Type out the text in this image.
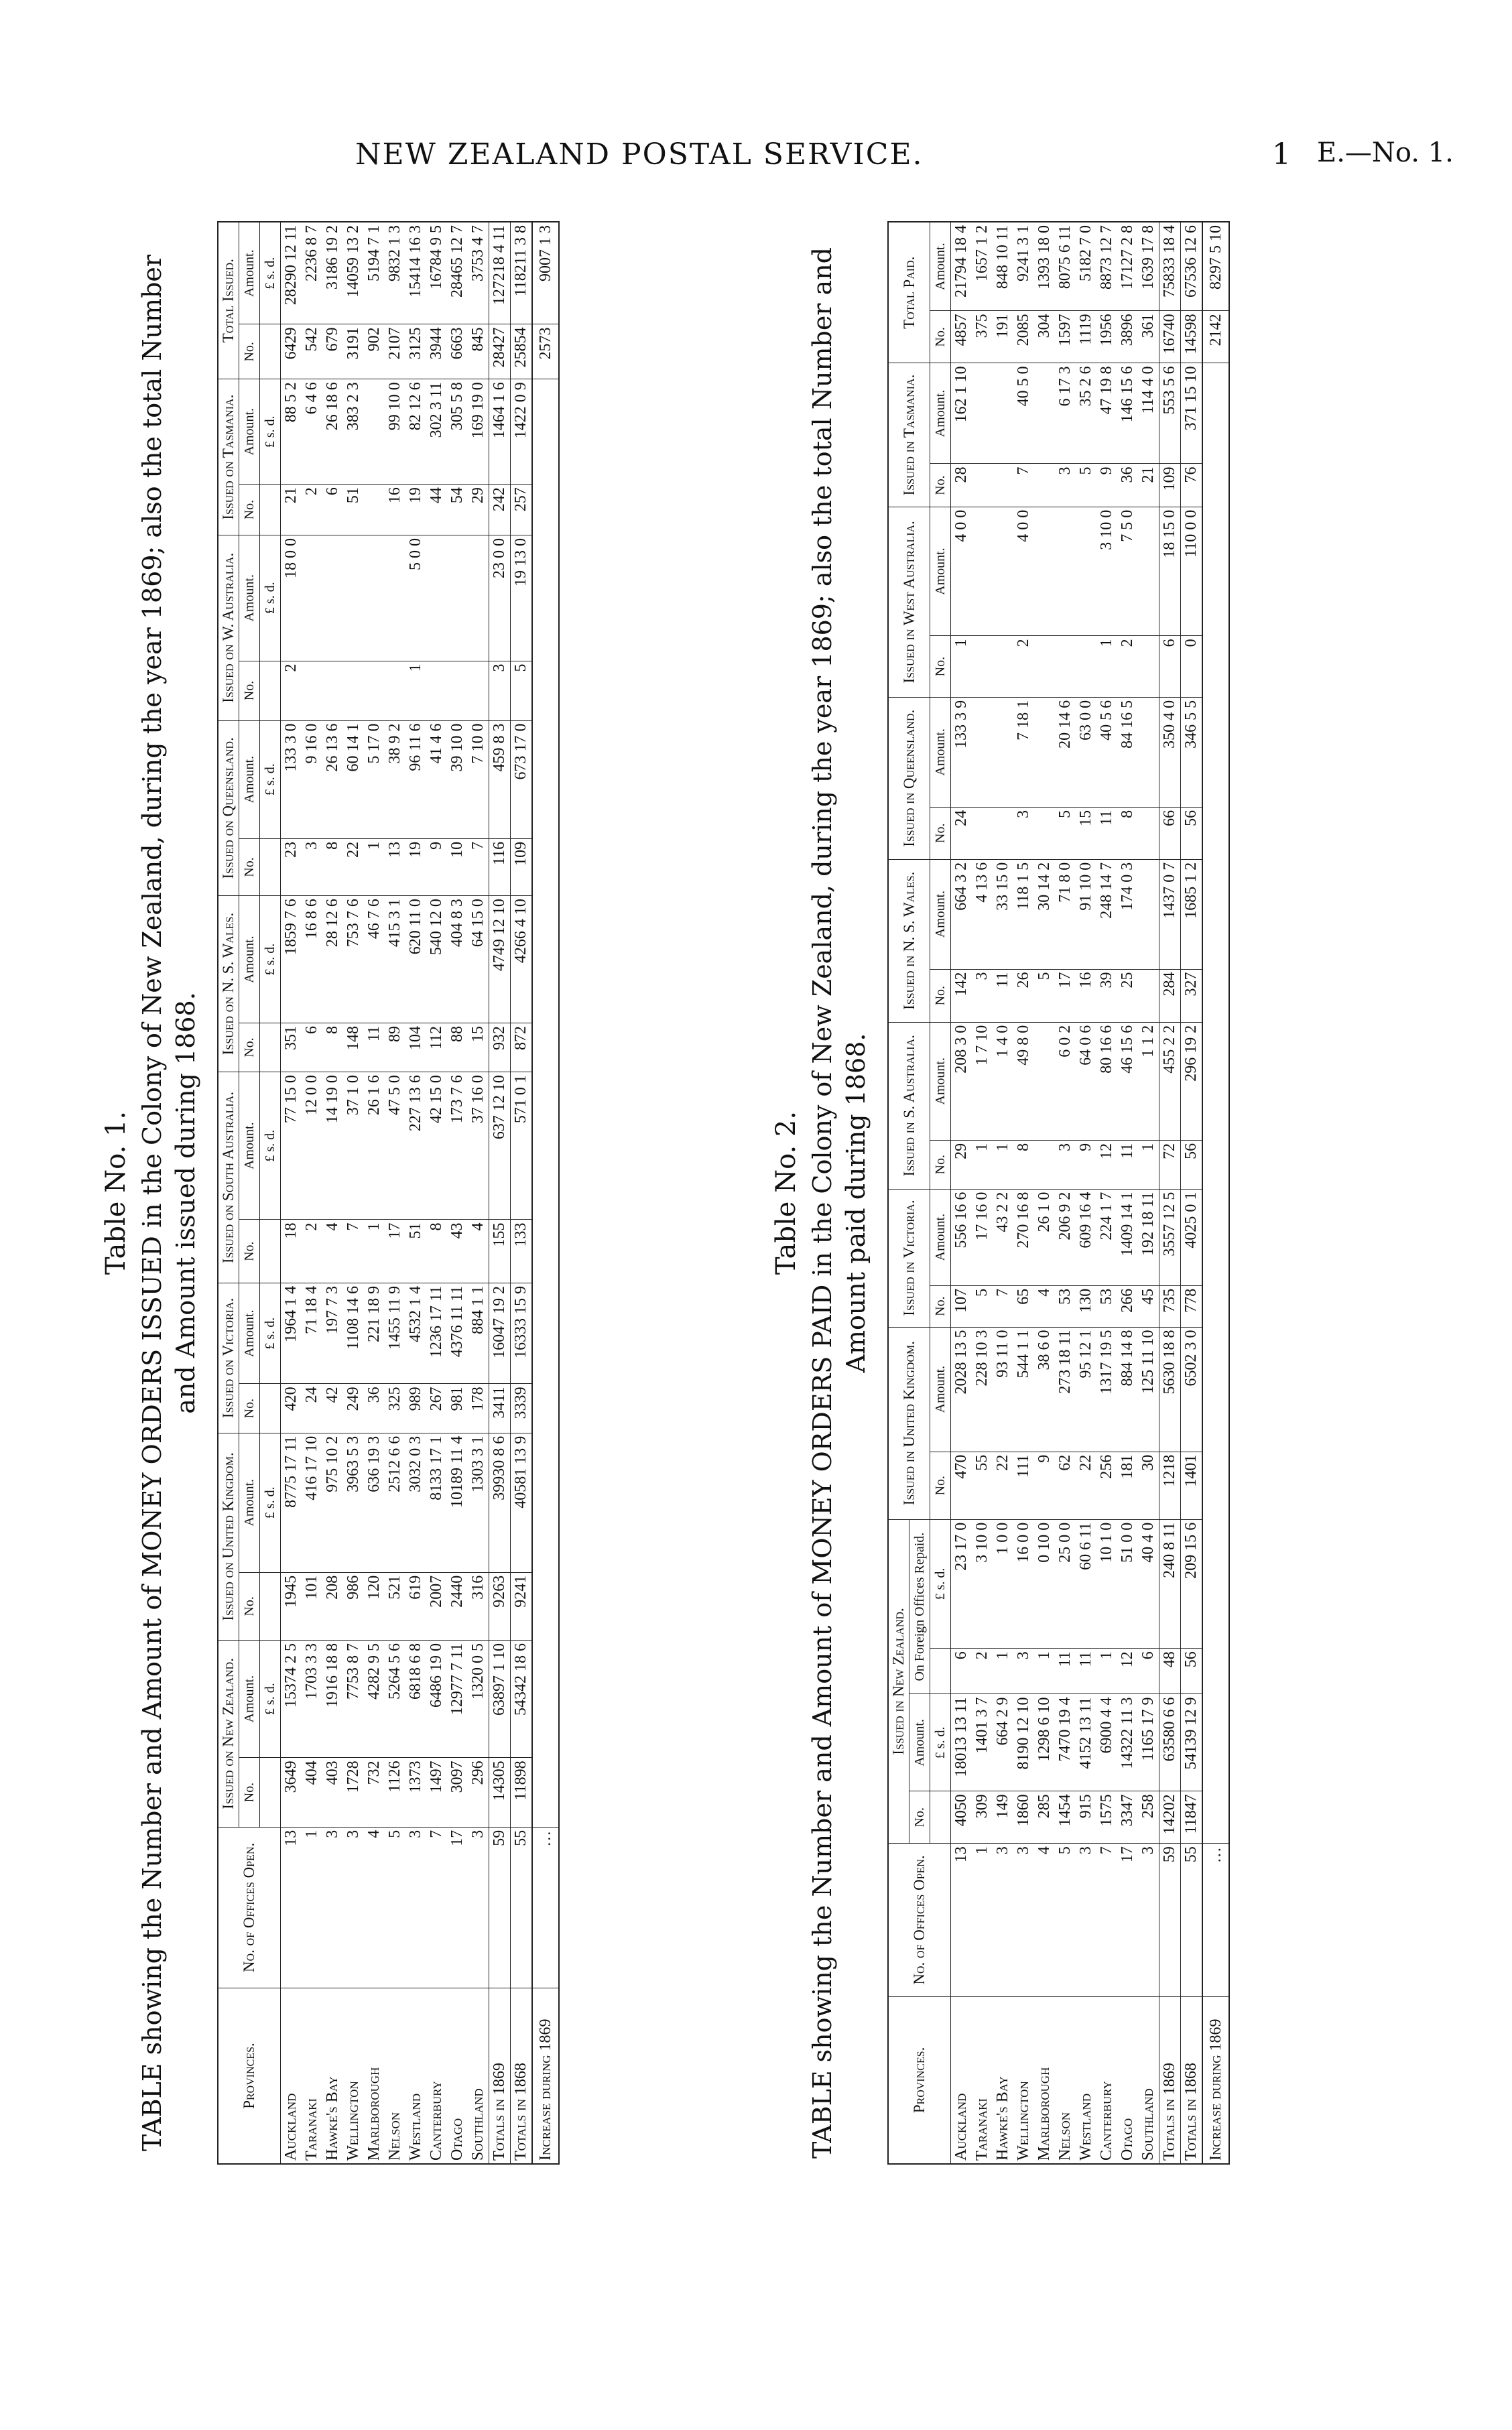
NEW ZEALAND POSTAL SERVICE.	1 E.—No. 1.
Table No. 1. TABLE showing the Number and Amount of MONEY ORDERS ISSUED in the Colony of New Zealand, during the year 1869; also the total Number and Amount issued during 1868.
Provinces.	No. of Offices Open.	Issued on New Zealand.		Issued on United Kingdom.		Issued on Victoria.		Issued on South Australia.		Issued on N. S. Wales.		Issued on Queensland.		Issued on W. Australia.		Issued on Tasmania.		Total Issued.	
		No.	Amount.	No.	Amount.	No.	Amount.	No.	Amount.	No.	Amount.	No.	Amount.	No.	Amount.	No.	Amount.	No.	Amount.
			£ s. d.		£ s. d.		£ s. d.		£ s. d.		£ s. d.		£ s. d.		£ s. d.		£ s. d.		£ s. d.
Auckland	13	3649	15374 2 5	1945	8775 17 11	420	1964 1 4	18	77 15 0	351	1859 7 6	23	133 3 0	2	18 0 0	21	88 5 2	6429	28290 12 11
Taranaki	1	404	1703 3 3	101	416 17 10	24	71 18 4	2	12 0 0	6	16 8 6	3	9 16 0			2	6 4 6	542	2236 8 7
Hawke's Bay	3	403	1916 18 8	208	975 10 2	42	197 7 3	4	14 19 0	8	28 12 6	8	26 13 6			6	26 18 6	679	3186 19 2
Wellington	3	1728	7753 8 7	986	3963 5 3	249	1108 14 6	7	37 1 0	148	753 7 6	22	60 14 1			51	383 2 3	3191	14059 13 2
Marlborough	4	732	4282 9 5	120	636 19 3	36	221 18 9	1	26 1 6	11	46 7 6	1	5 17 0					902	5194 7 1
Nelson	5	1126	5264 5 6	521	2512 6 6	325	1455 11 9	17	47 5 0	89	415 3 1	13	38 9 2			16	99 10 0	2107	9832 1 3
Westland	3	1373	6818 6 8	619	3032 0 3	989	4532 1 4	51	227 13 6	104	620 11 0	19	96 11 6	1	5 0 0	19	82 12 6	3125	15414 16 3
Canterbury	7	1497	6486 19 0	2007	8133 17 1	267	1236 17 11	8	42 15 0	112	540 12 0	9	41 4 6			44	302 3 11	3944	16784 9 5
Otago	17	3097	12977 7 11	2440	10189 11 4	981	4376 11 11	43	173 7 6	88	404 8 3	10	39 10 0			54	305 5 8	6663	28465 12 7
Southland	3	296	1320 0 5	316	1303 3 1	178	884 1 1	4	37 16 0	15	64 15 0	7	7 10 0			29	169 19 0	845	3753 4 7
Totals in 1869	59	14305	63897 1 10	9263	39930 8 6	3411	16047 19 2	155	637 12 10	932	4749 12 10	116	459 8 3	3	23 0 0	242	1464 1 6	28427	127218 4 11
Totals in 1868	55	11898	54342 18 6	9241	40581 13 9	3339	16333 15 9	133	571 0 1	872	4266 4 10	109	673 17 0	5	19 13 0	257	1422 0 9	25854	118211 3 8
Increase during 1869	...																	2573	9007 1 3
Table No. 2. TABLE showing the Number and Amount of MONEY ORDERS PAID in the Colony of New Zealand, during the year 1869; also the total Number and Amount paid during 1868.
Provinces.	No. of Offices Open.	Issued in New Zealand.				Issued in United Kingdom.		Issued in Victoria.		Issued in S. Australia.		Issued in N. S. Wales.		Issued in Queensland.		Issued in West Australia.		Issued in Tasmania.		Total Paid.	
		No.	Amount.	On Foreign Offices Repaid.																	
			£ s. d.		£ s. d.	No.	Amount.	No.	Amount.	No.	Amount.	No.	Amount.	No.	Amount.	No.	Amount.	No.	Amount.	No.	Amount.
Auckland	13	4050	18013 13 11	6	23 17 0	470	2028 13 5	107	556 16 6	29	208 3 0	142	664 3 2	24	133 3 9	1	4 0 0	28	162 1 10	4857	21794 18 4
Taranaki	1	309	1401 3 7	2	3 10 0	55	228 10 3	5	17 16 0	1	1 7 10	3	4 13 6							375	1657 1 2
Hawke's Bay	3	149	664 2 9	1	1 0 0	22	93 11 0	7	43 2 2	1	1 4 0	11	33 15 0							191	848 10 11
Wellington	3	1860	8190 12 10	3	16 0 0	111	544 1 1	65	270 16 8	8	49 8 0	26	118 1 5	3	7 18 1	2	4 0 0	7	40 5 0	2085	9241 3 1
Marlborough	4	285	1298 6 10	1	0 10 0	9	38 6 0	4	26 1 0			5	30 14 2							304	1393 18 0
Nelson	5	1454	7470 19 4	11	25 0 0	62	273 18 11	53	206 9 2	3	6 0 2	17	71 8 0	5	20 14 6			3	6 17 3	1597	8075 6 11
Westland	3	915	4152 13 11	11	60 6 11	22	95 12 1	130	609 16 4	9	64 0 6	16	91 10 0	15	63 0 0			5	35 2 6	1119	5182 7 0
Canterbury	7	1575	6900 4 4	1	10 1 0	256	1317 19 5	53	224 1 7	12	80 16 6	39	248 14 7	11	40 5 6	1	3 10 0	9	47 19 8	1956	8873 12 7
Otago	17	3347	14322 11 3	12	51 0 0	181	884 14 8	266	1409 14 1	11	46 15 6	25	174 0 3	8	84 16 5	2	7 5 0	36	146 15 6	3896	17127 2 8
Southland	3	258	1165 17 9	6	40 4 0	30	125 11 10	45	192 18 11	1	1 1 2							21	114 4 0	361	1639 17 8
Totals in 1869	59	14202	63580 6 6	48	240 8 11	1218	5630 18 8	735	3557 12 5	72	455 2 2	284	1437 0 7	66	350 4 0	6	18 15 0	109	553 5 6	16740	75833 18 4
Totals in 1868	55	11847	54139 12 9	56	209 15 6	1401	6502 3 0	778	4025 0 1	56	296 19 2	327	1685 1 2	56	346 5 5	0	110 0 0	76	371 15 10	14598	67536 12 6
Increase during 1869	...																			2142	8297 5 10
